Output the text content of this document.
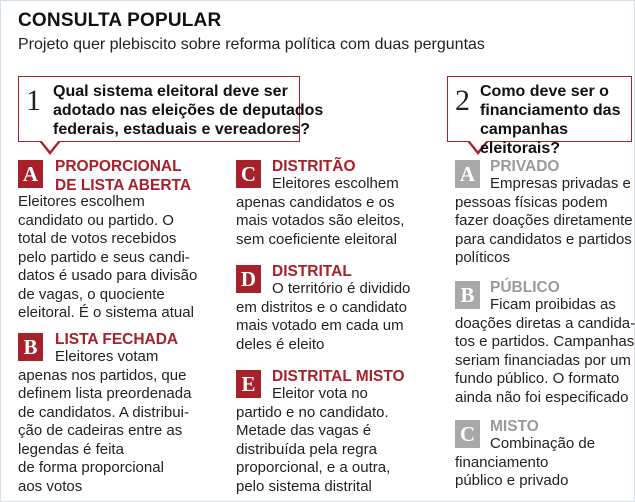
CONSULTA POPULAR
Projeto quer plebiscito sobre reforma política com duas perguntas
1 Qual sistema eleitoral deve ser
adotado nas eleições de deputados
federais, estaduais e vereadores?
2 Como deve ser o
financiamento das
campanhas eleitorais?
A	PROPORCIONAL
DE LISTA ABERTA
Eleitores escolhem
candidato ou partido. O
total de votos recebidos
pelo partido e seus candi-
datos é usado para divisão
de vagas, o quociente
eleitoral. É o sistema atual
B	LISTA FECHADA
Eleitores votam
apenas nos partidos, que
definem lista preordenada
de candidatos. A distribui-
ção de cadeiras entre as
legendas é feita
de forma proporcional
aos votos
C	DISTRITÃO
Eleitores escolhem
apenas candidatos e os
mais votados são eleitos,
sem coeficiente eleitoral
D	DISTRITAL
O território é dividido
em distritos e o candidato
mais votado em cada um
deles é eleito
E	DISTRITAL MISTO
Eleitor vota no
partido e no candidato.
Metade das vagas é
distribuída pela regra
proporcional, e a outra,
pelo sistema distrital
A PRIVADO
Empresas privadas e
pessoas físicas podem
fazer doações diretamente
para candidatos e partidos
políticos
B	PÚBLICO
Ficam proibidas as
doações diretas a candida-
tos e partidos. Campanhas
seriam financiadas por um
fundo público. O formato
ainda não foi especificado
C MISTO
Combinação de
financiamento
público e privado
